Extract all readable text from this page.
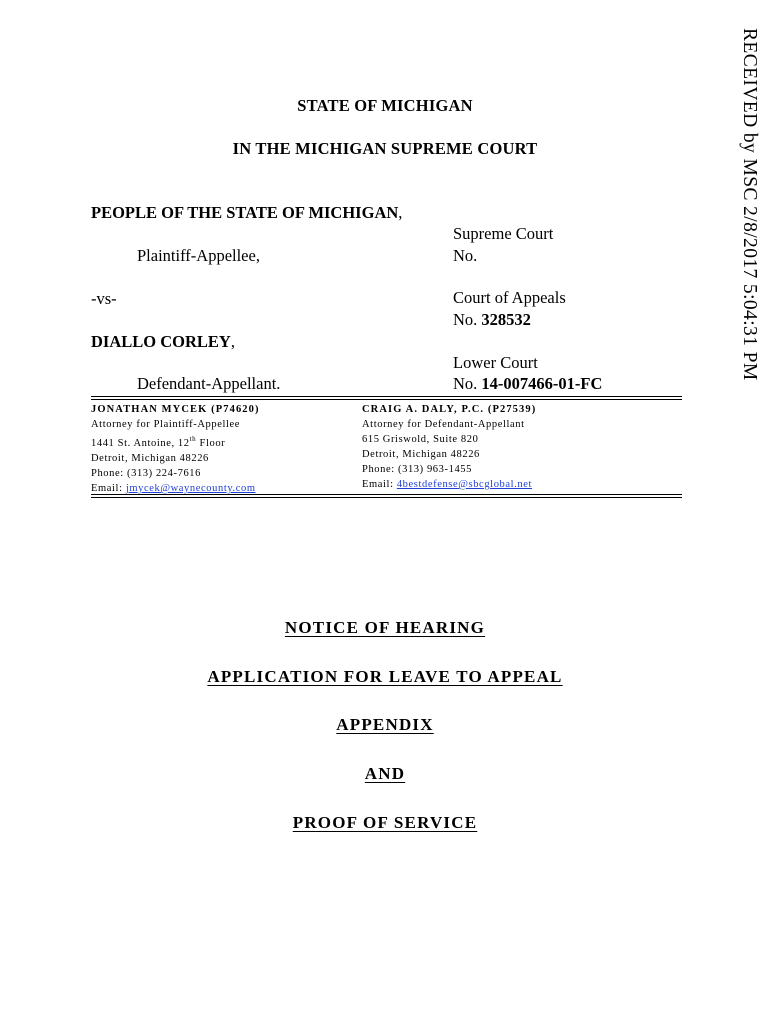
RECEIVED by MSC 2/8/2017 5:04:31 PM
STATE OF MICHIGAN
IN THE MICHIGAN SUPREME COURT
PEOPLE OF THE STATE OF MICHIGAN,
Plaintiff-Appellee,
-vs-
DIALLO CORLEY,
Defendant-Appellant.
Supreme Court
No.
Court of Appeals
No. 328532
Lower Court
No. 14-007466-01-FC
JONATHAN MYCEK (P74620)
Attorney for Plaintiff-Appellee
1441 St. Antoine, 12th Floor
Detroit, Michigan 48226
Phone: (313) 224-7616
Email: jmycek@waynecounty.com
CRAIG A. DALY, P.C. (P27539)
Attorney for Defendant-Appellant
615 Griswold, Suite 820
Detroit, Michigan 48226
Phone: (313) 963-1455
Email: 4bestdefense@sbcglobal.net
NOTICE OF HEARING
APPLICATION FOR LEAVE TO APPEAL
APPENDIX
AND
PROOF OF SERVICE
